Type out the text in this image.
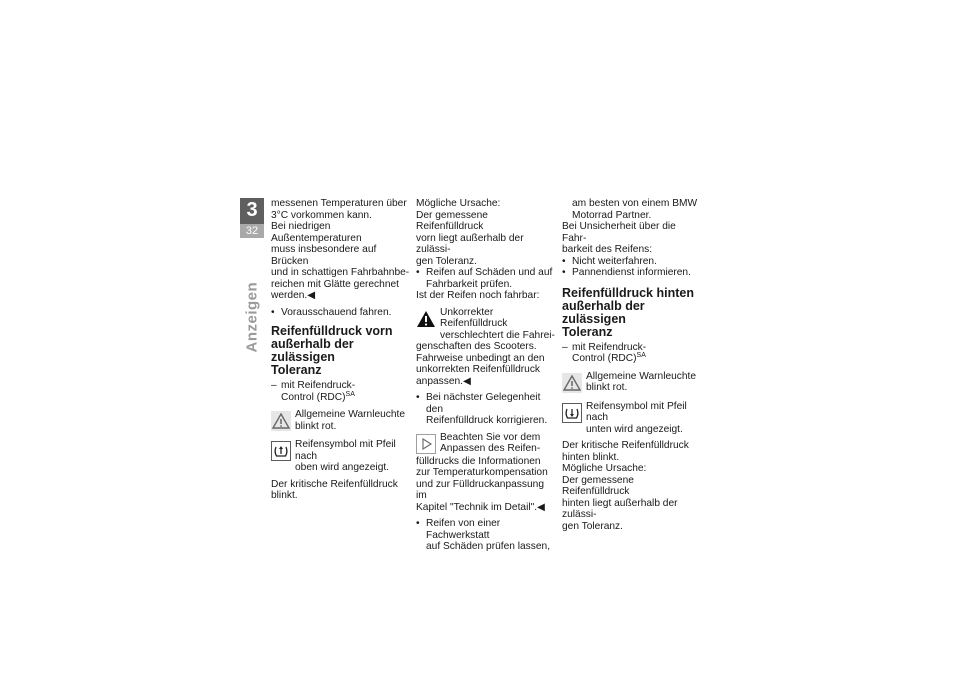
3
32
Anzeigen
messenen Temperaturen über
3°C vorkommen kann.
Bei niedrigen Außentemperaturen
muss insbesondere auf Brücken
und in schattigen Fahrbahnbe-
reichen mit Glätte gerechnet
werden.◀
• Vorausschauend fahren.
Reifenfülldruck vorn
außerhalb der zulässigen
Toleranz
– mit Reifendruck-
Control (RDC)$^{SA}$
Allgemeine Warnleuchte
blinkt rot.
Reifensymbol mit Pfeil nach
oben wird angezeigt.
Der kritische Reifenfülldruck
blinkt.
Mögliche Ursache:
Der gemessene Reifenfülldruck
vorn liegt außerhalb der zulässi-
gen Toleranz.
• Reifen auf Schäden und auf
Fahrbarkeit prüfen.
Ist der Reifen noch fahrbar:
Unkorrekter Reifenfülldruck
verschlechtert die Fahrei-
genschaften des Scooters.
Fahrweise unbedingt an den
unkorrekten Reifenfülldruck
anpassen.◀
• Bei nächster Gelegenheit den
Reifenfülldruck korrigieren.
Beachten Sie vor dem
Anpassen des Reifen-
fülldrucks die Informationen
zur Temperaturkompensation
und zur Fülldruckanpassung im
Kapitel "Technik im Detail".◀
• Reifen von einer Fachwerkstatt
auf Schäden prüfen lassen,
am besten von einem BMW
Motorrad Partner.
Bei Unsicherheit über die Fahr-
barkeit des Reifens:
• Nicht weiterfahren.
• Pannendienst informieren.
Reifenfülldruck hinten
außerhalb der zulässigen
Toleranz
– mit Reifendruck-
Control (RDC)$^{SA}$
Allgemeine Warnleuchte
blinkt rot.
Reifensymbol mit Pfeil nach
unten wird angezeigt.
Der kritische Reifenfülldruck
hinten blinkt.
Mögliche Ursache:
Der gemessene Reifenfülldruck
hinten liegt außerhalb der zulässi-
gen Toleranz.
